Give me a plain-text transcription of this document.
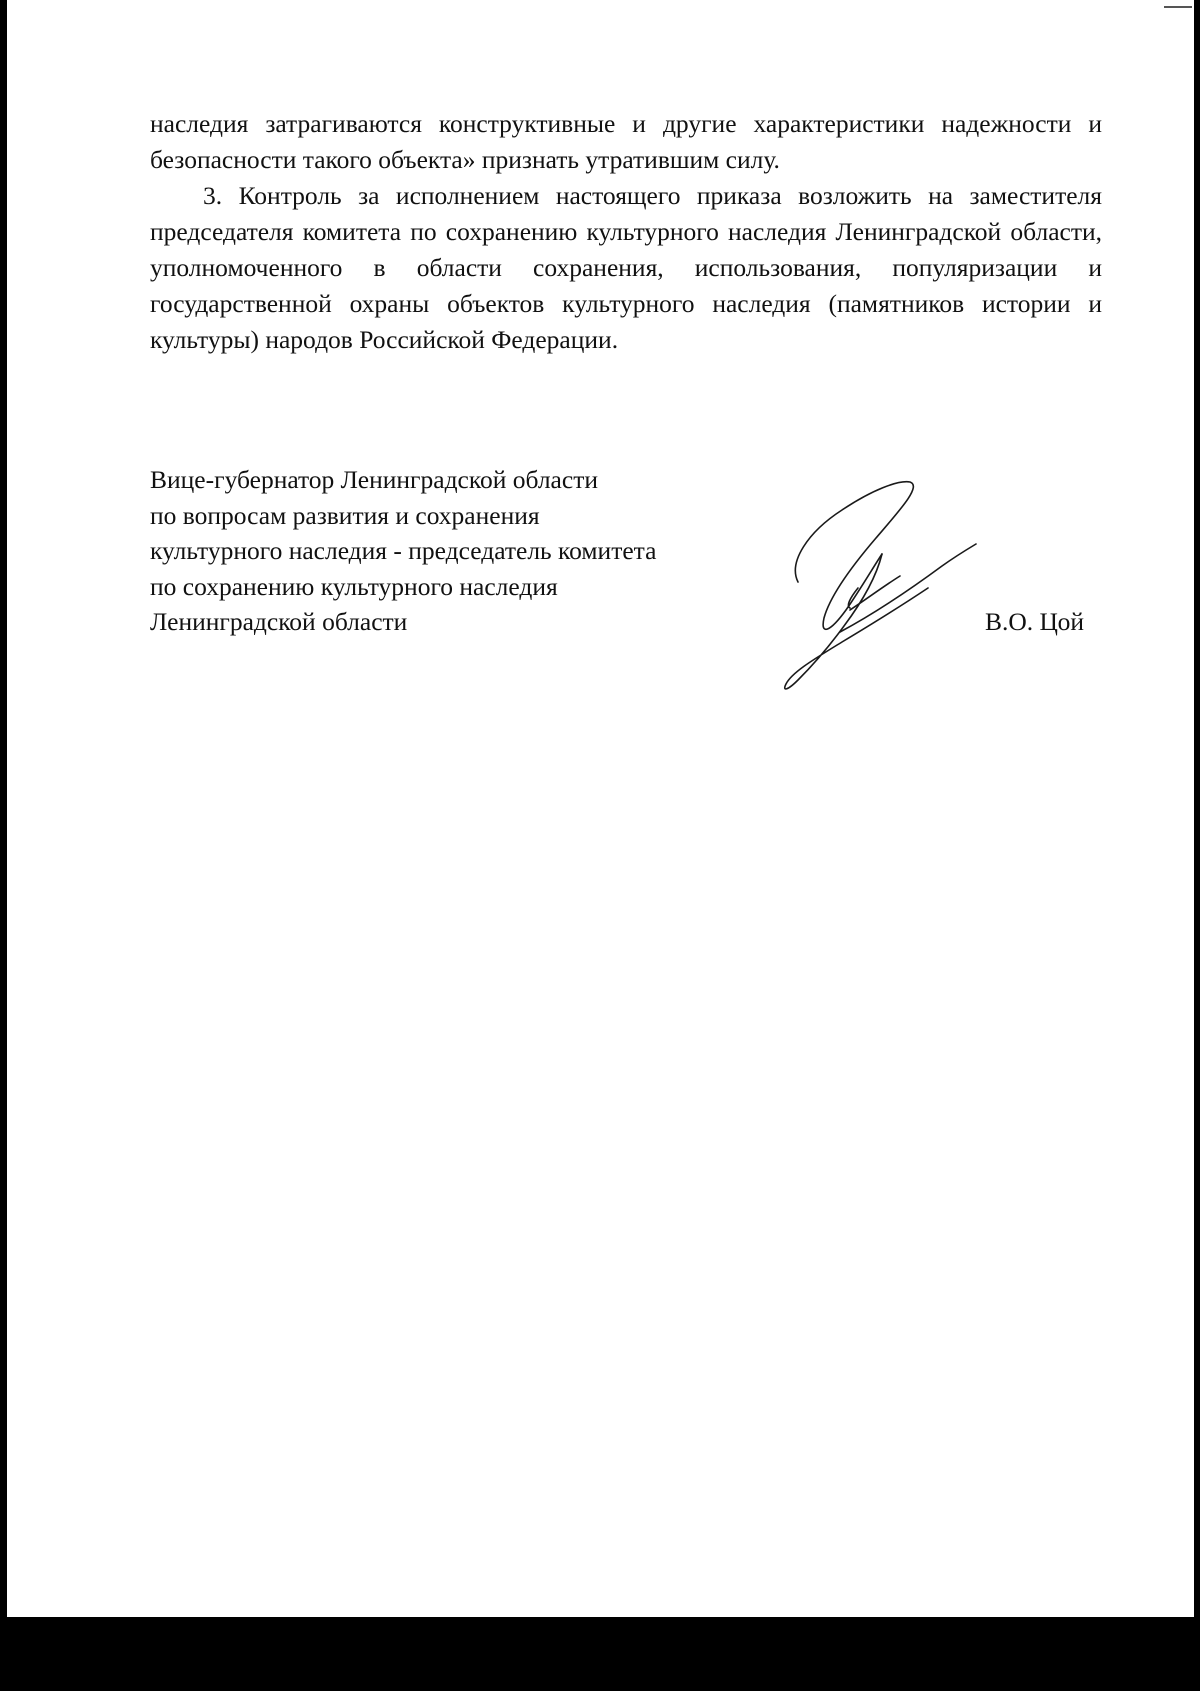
наследия затрагиваются конструктивные и другие характеристики надежности и безопасности такого объекта» признать утратившим силу.

3. Контроль за исполнением настоящего приказа возложить на заместителя председателя комитета по сохранению культурного наследия Ленинградской области, уполномоченного в области сохранения, использования, популяризации и государственной охраны объектов культурного наследия (памятников истории и культуры) народов Российской Федерации.

Вице-губернатор Ленинградской области
по вопросам развития и сохранения
культурного наследия - председатель комитета
по сохранению культурного наследия
Ленинградской области	В.О. Цой
